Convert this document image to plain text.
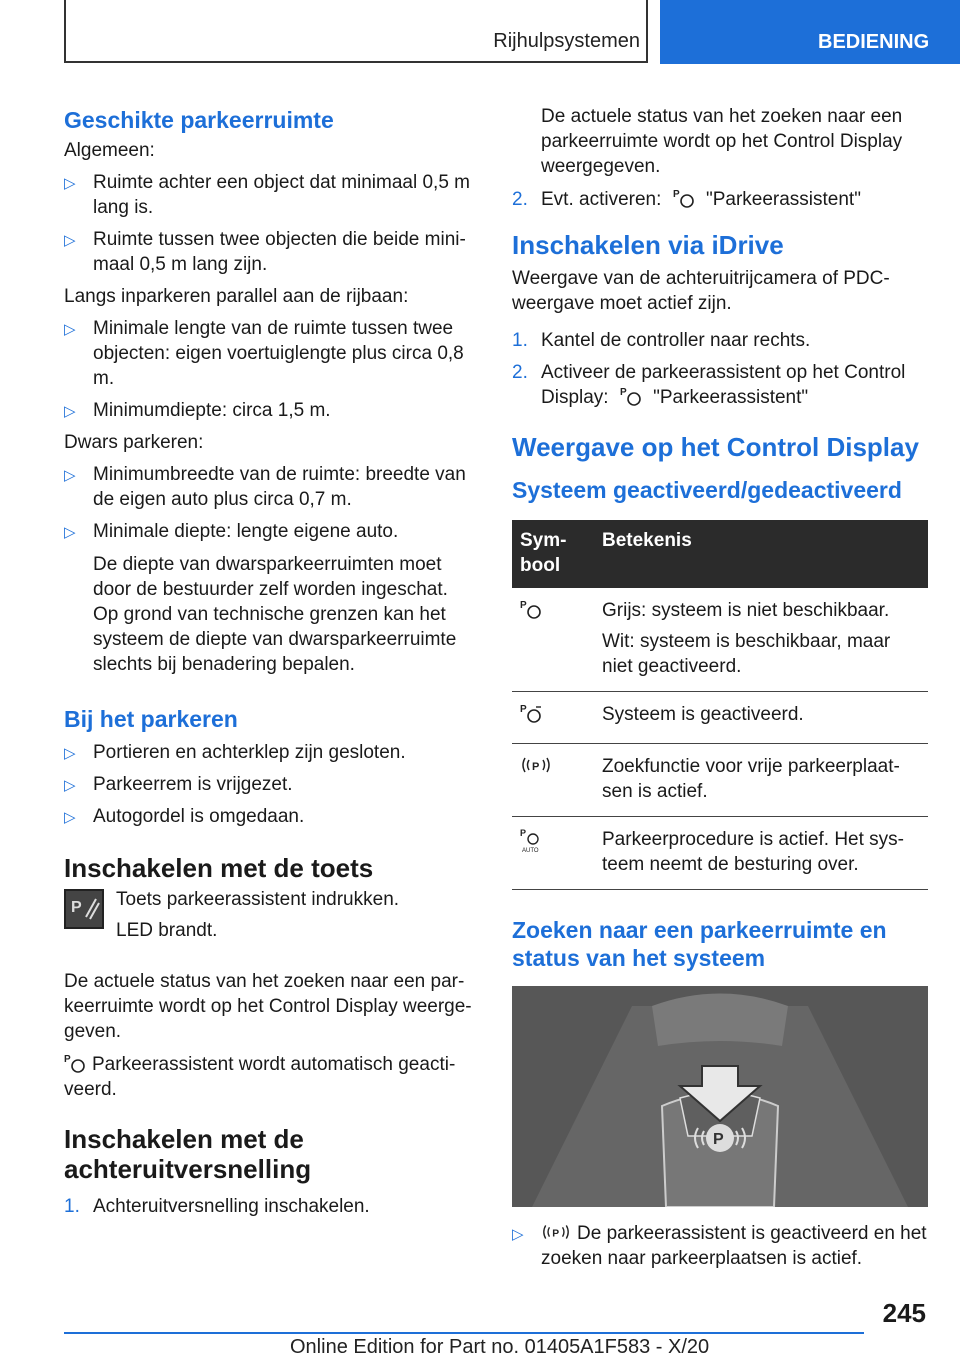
Rijhulpsystemen	BEDIENING
Geschikte parkeerruimte

Algemeen:

▷ Ruimte achter een object dat minimaal 0,5 m lang is.
▷ Ruimte tussen twee objecten die beide mini‐maal 0,5 m lang zijn.

Langs inparkeren parallel aan de rijbaan:

▷ Minimale lengte van de ruimte tussen twee objecten: eigen voertuiglengte plus circa 0,8 m.
▷ Minimumdiepte: circa 1,5 m.

Dwars parkeren:

▷ Minimumbreedte van de ruimte: breedte van de eigen auto plus circa 0,7 m.
▷ Minimale diepte: lengte eigene auto.

De diepte van dwarsparkeerruimten moet door de bestuurder zelf worden ingeschat. Op grond van technische grenzen kan het systeem de diepte van dwarsparkeerruimte slechts bij benadering bepalen.

Bij het parkeren
▷ Portieren en achterklep zijn gesloten.
▷ Parkeerrem is vrijgezet.
▷ Autogordel is omgedaan.
Inschakelen met de toets
P Toets parkeerassistent indrukken.

LED brandt.

De actuele status van het zoeken naar een par‐keerruimte wordt op het Control Display weerge‐geven.

P Parkeerassistent wordt automatisch geacti‐veerd.

Inschakelen met de achteruitversnelling
1. Achteruitversnelling inschakelen.

De actuele status van het zoeken naar een parkeerruimte wordt op het Control Display weergegeven.

2. Evt. activeren: P "Parkeerassistent"
Inschakelen via iDrive

Weergave van de achteruitrijcamera of PDC-weergave moet actief zijn.

1. Kantel de controller naar rechts.
2. Activeer de parkeerassistent op het Control Display: P "Parkeerassistent"
Weergave op het Control Display
Systeem geactiveerd/gedeactiveerd
Sym‐bool	Betekenis

P	Grijs: systeem is niet beschikbaar.
Wit: systeem is beschikbaar, maar niet geactiveerd.

P	Systeem is geactiveerd.

P	Zoekfunctie voor vrije parkeerplaat‐sen is actief.

P
AUTO	Parkeerprocedure is actief. Het sys‐teem neemt de besturing over.
Zoeken naar een parkeerruimte en status van het systeem
P
▷	P De parkeerassistent is geactiveerd en het zoeken naar parkeerplaatsen is actief.
245
Online Edition for Part no. 01405A1F583 - X/20
